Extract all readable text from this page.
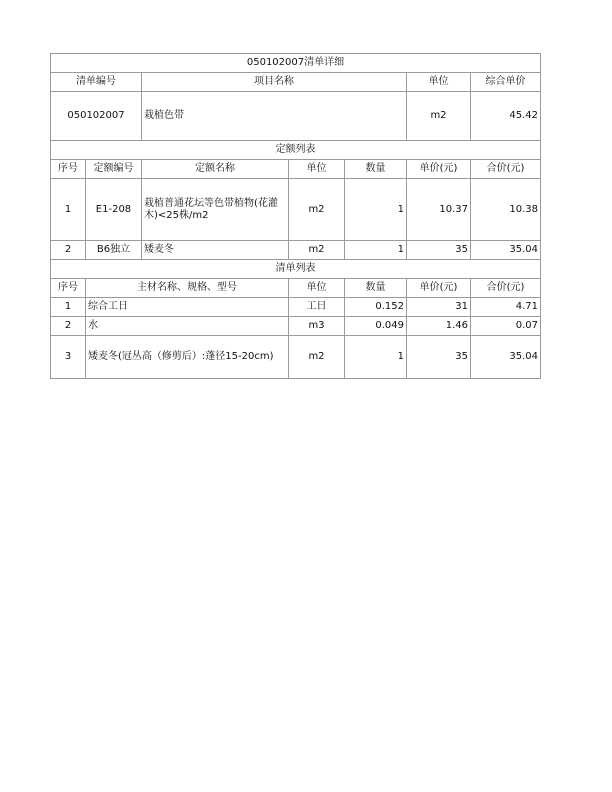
050102007清单详细						
清单编号		项目名称			单位	综合单价
050102007		栽植色带			m2	45.42
定额列表						
序号	定额编号	定额名称	单位	数量	单价(元)	合价(元)
1	E1-208	栽植普通花坛等色带植物(花灌木)<25株/m2	m2	1	10.37	10.38
2	B6独立	矮麦冬	m2	1	35	35.04
清单列表						
序号	主材名称、规格、型号		单位	数量	单价(元)	合价(元)
1	综合工日		工日	0.152	31	4.71
2	水		m3	0.049	1.46	0.07
3	矮麦冬(冠丛高（修剪后）:蓬径15-20cm)		m2	1	35	35.04
